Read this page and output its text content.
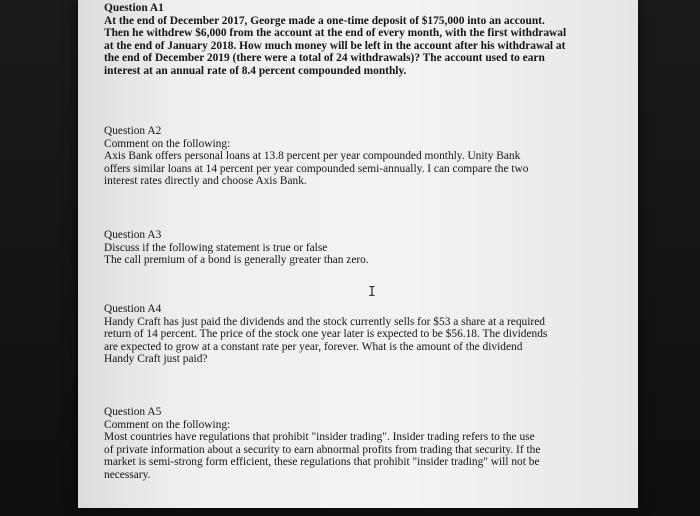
Question A1
At the end of December 2017, George made a one-time deposit of $175,000 into an account.
Then he withdrew $6,000 from the account at the end of every month, with the first withdrawal
at the end of January 2018. How much money will be left in the account after his withdrawal at
the end of December 2019 (there were a total of 24 withdrawals)? The account used to earn
interest at an annual rate of 8.4 percent compounded monthly.
Question A2
Comment on the following:
Axis Bank offers personal loans at 13.8 percent per year compounded monthly. Unity Bank
offers similar loans at 14 percent per year compounded semi-annually. I can compare the two
interest rates directly and choose Axis Bank.
Question A3
Discuss if the following statement is true or false
The call premium of a bond is generally greater than zero.
I
Question A4
Handy Craft has just paid the dividends and the stock currently sells for $53 a share at a required
return of 14 percent. The price of the stock one year later is expected to be $56.18. The dividends
are expected to grow at a constant rate per year, forever. What is the amount of the dividend
Handy Craft just paid?
Question A5
Comment on the following:
Most countries have regulations that prohibit "insider trading". Insider trading refers to the use
of private information about a security to earn abnormal profits from trading that security. If the
market is semi-strong form efficient, these regulations that prohibit "insider trading" will not be
necessary.
